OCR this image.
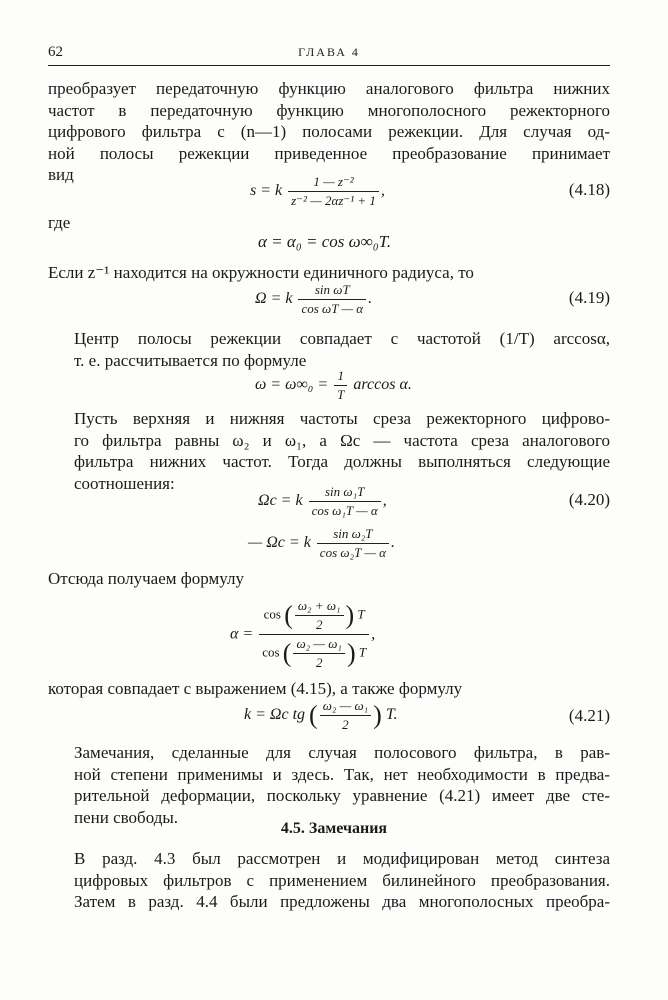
62	ГЛАВА 4
преобразует передаточную функцию аналогового фильтра нижних
частот в передаточную функцию многополосного режекторного
цифрового фильтра с (n—1) полосами режекции. Для случая од-
ной полосы режекции приведенное преобразование принимает
вид
s = k $\frac{\text{1 — z⁻²}}{\text{z⁻² — 2αz⁻¹ + 1}}$ ,	(4.18)
где
α = α₀ = cos ω∞₀T.
Если z⁻¹ находится на окружности единичного радиуса, то
Ω = k $\frac{\text{sin ωT}}{\text{cos ωT — α}}$ .	(4.19)
Центр полосы режекции совпадает с частотой (1/T) arccosα,
т. е. рассчитывается по формуле
$\omega = \omega\infty_0 = \frac{1}{T}$ arccos α.
Пусть верхняя и нижняя частоты среза режекторного цифрово-
го фильтра равны ω₂ и ω₁, а Ωc — частота среза аналогового
фильтра нижних частот. Тогда должны выполняться следующие
соотношения:
Ωc = k $\frac{\text{sin ω₁T}}{\text{cos ω₁T — α}}$ ,	(4.20)
— Ωc = k $\frac{\text{sin ω₂T}}{\text{cos ω₂T — α}}$ .
Отсюда получаем формулу
$\alpha = \frac{\cos ( \frac{\text{ω₂ + ω₁}}{2} ) T}{\cos ( \frac{\text{ω₂ — ω₁}}{2} ) T}$ ,
которая совпадает с выражением (4.15), а также формулу
k = Ωc tg ( $\frac{\text{ω₂ — ω₁}}{2}$ ) T.	(4.21)
Замечания, сделанные для случая полосового фильтра, в рав-
ной степени применимы и здесь. Так, нет необходимости в предва-
рительной деформации, поскольку уравнение (4.21) имеет две сте-
пени свободы.
4.5. Замечания
В разд. 4.3 был рассмотрен и модифицирован метод синтеза
цифровых фильтров с применением билинейного преобразования.
Затем в разд. 4.4 были предложены два многополосных преобра-
